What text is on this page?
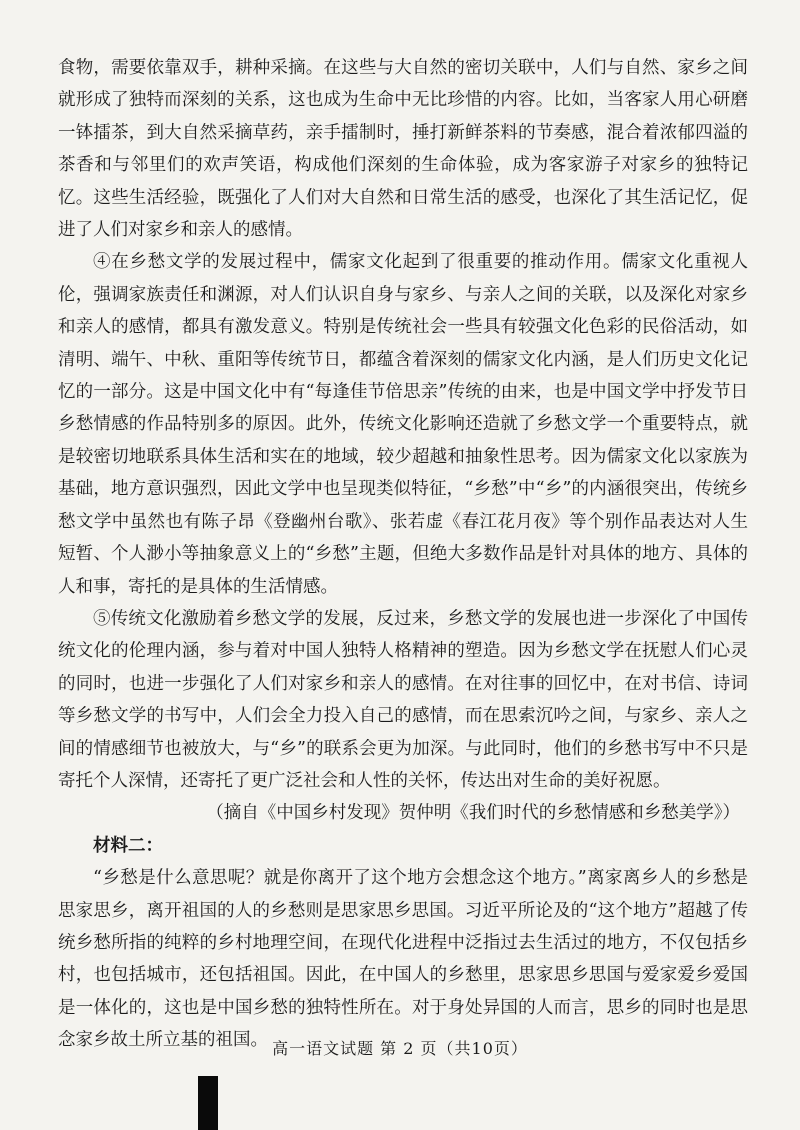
食物，需要依靠双手，耕种采摘。在这些与大自然的密切关联中，人们与自然、家乡之间就形成了独特而深刻的关系，这也成为生命中无比珍惜的内容。比如，当客家人用心研磨一钵擂茶，到大自然采摘草药，亲手擂制时，捶打新鲜茶料的节奏感，混合着浓郁四溢的茶香和与邻里们的欢声笑语，构成他们深刻的生命体验，成为客家游子对家乡的独特记忆。这些生活经验，既强化了人们对大自然和日常生活的感受，也深化了其生活记忆，促进了人们对家乡和亲人的感情。

④在乡愁文学的发展过程中，儒家文化起到了很重要的推动作用。儒家文化重视人伦，强调家族责任和渊源，对人们认识自身与家乡、与亲人之间的关联，以及深化对家乡和亲人的感情，都具有激发意义。特别是传统社会一些具有较强文化色彩的民俗活动，如清明、端午、中秋、重阳等传统节日，都蕴含着深刻的儒家文化内涵，是人们历史文化记忆的一部分。这是中国文化中有“每逢佳节倍思亲”传统的由来，也是中国文学中抒发节日乡愁情感的作品特别多的原因。此外，传统文化影响还造就了乡愁文学一个重要特点，就是较密切地联系具体生活和实在的地域，较少超越和抽象性思考。因为儒家文化以家族为基础，地方意识强烈，因此文学中也呈现类似特征，“乡愁”中“乡”的内涵很突出，传统乡愁文学中虽然也有陈子昂《登幽州台歌》、张若虚《春江花月夜》等个别作品表达对人生短暂、个人渺小等抽象意义上的“乡愁”主题，但绝大多数作品是针对具体的地方、具体的人和事，寄托的是具体的生活情感。

⑤传统文化激励着乡愁文学的发展，反过来，乡愁文学的发展也进一步深化了中国传统文化的伦理内涵，参与着对中国人独特人格精神的塑造。因为乡愁文学在抚慰人们心灵的同时，也进一步强化了人们对家乡和亲人的感情。在对往事的回忆中，在对书信、诗词等乡愁文学的书写中，人们会全力投入自己的感情，而在思索沉吟之间，与家乡、亲人之间的情感细节也被放大，与“乡”的联系会更为加深。与此同时，他们的乡愁书写中不只是寄托个人深情，还寄托了更广泛社会和人性的关怀，传达出对生命的美好祝愿。

（摘自《中国乡村发现》贺仲明《我们时代的乡愁情感和乡愁美学》）

材料二：

“乡愁是什么意思呢？就是你离开了这个地方会想念这个地方。”离家离乡人的乡愁是思家思乡，离开祖国的人的乡愁则是思家思乡思国。习近平所论及的“这个地方”超越了传统乡愁所指的纯粹的乡村地理空间，在现代化进程中泛指过去生活过的地方，不仅包括乡村，也包括城市，还包括祖国。因此，在中国人的乡愁里，思家思乡思国与爱家爱乡爱国是一体化的，这也是中国乡愁的独特性所在。对于身处异国的人而言，思乡的同时也是思念家乡故土所立基的祖国。 高一语文试题 第 2 页（共10页）
